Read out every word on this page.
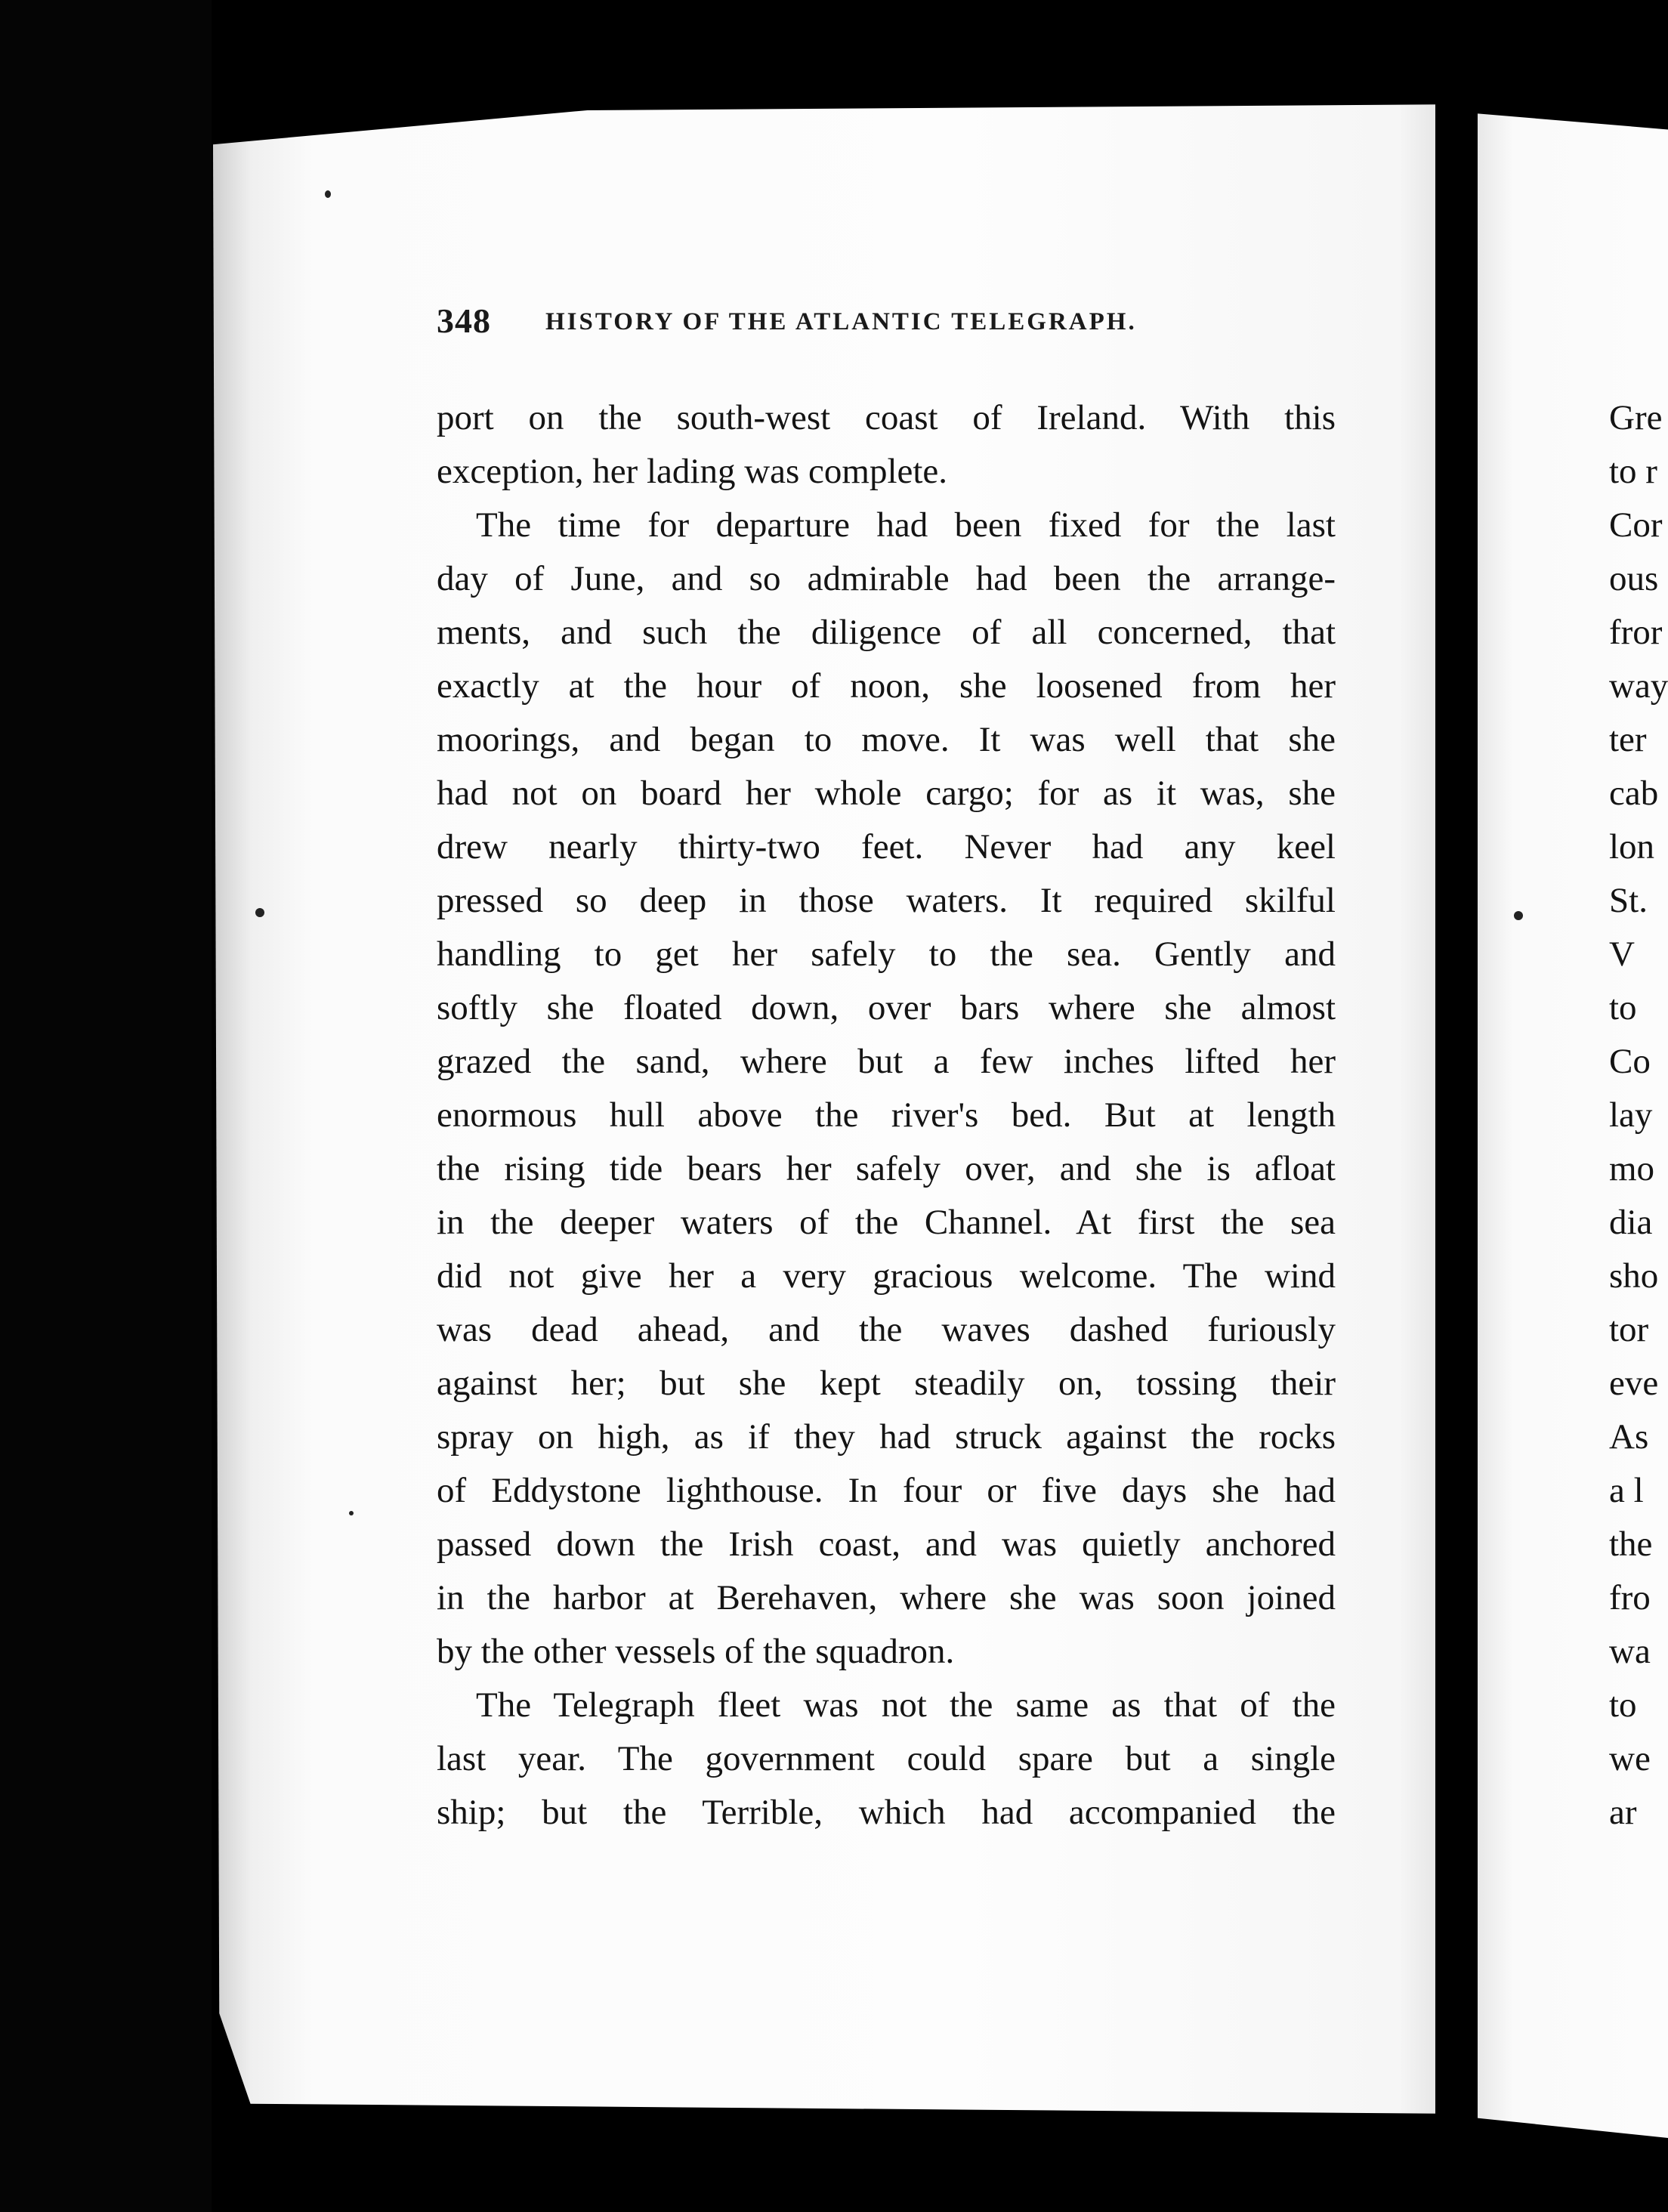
348 HISTORY OF THE ATLANTIC TELEGRAPH.
port on the south-west coast of Ireland. With this
exception, her lading was complete.
The time for departure had been fixed for the last
day of June, and so admirable had been the arrange-
ments, and such the diligence of all concerned, that
exactly at the hour of noon, she loosened from her
moorings, and began to move. It was well that she
had not on board her whole cargo; for as it was, she
drew nearly thirty-two feet. Never had any keel
pressed so deep in those waters. It required skilful
handling to get her safely to the sea. Gently and
softly she floated down, over bars where she almost
grazed the sand, where but a few inches lifted her
enormous hull above the river's bed. But at length
the rising tide bears her safely over, and she is afloat
in the deeper waters of the Channel. At first the sea
did not give her a very gracious welcome. The wind
was dead ahead, and the waves dashed furiously
against her; but she kept steadily on, tossing their
spray on high, as if they had struck against the rocks
of Eddystone lighthouse. In four or five days she had
passed down the Irish coast, and was quietly anchored
in the harbor at Berehaven, where she was soon joined
by the other vessels of the squadron.
The Telegraph fleet was not the same as that of the
last year. The government could spare but a single
ship; but the Terrible, which had accompanied the
Gre
to r
Cor
ous
fror
way
ter
cab
lon
St.
V
to
Co
lay
mo
dia
sho
tor
eve
As
a l
the
fro
wa
to
we
ar
